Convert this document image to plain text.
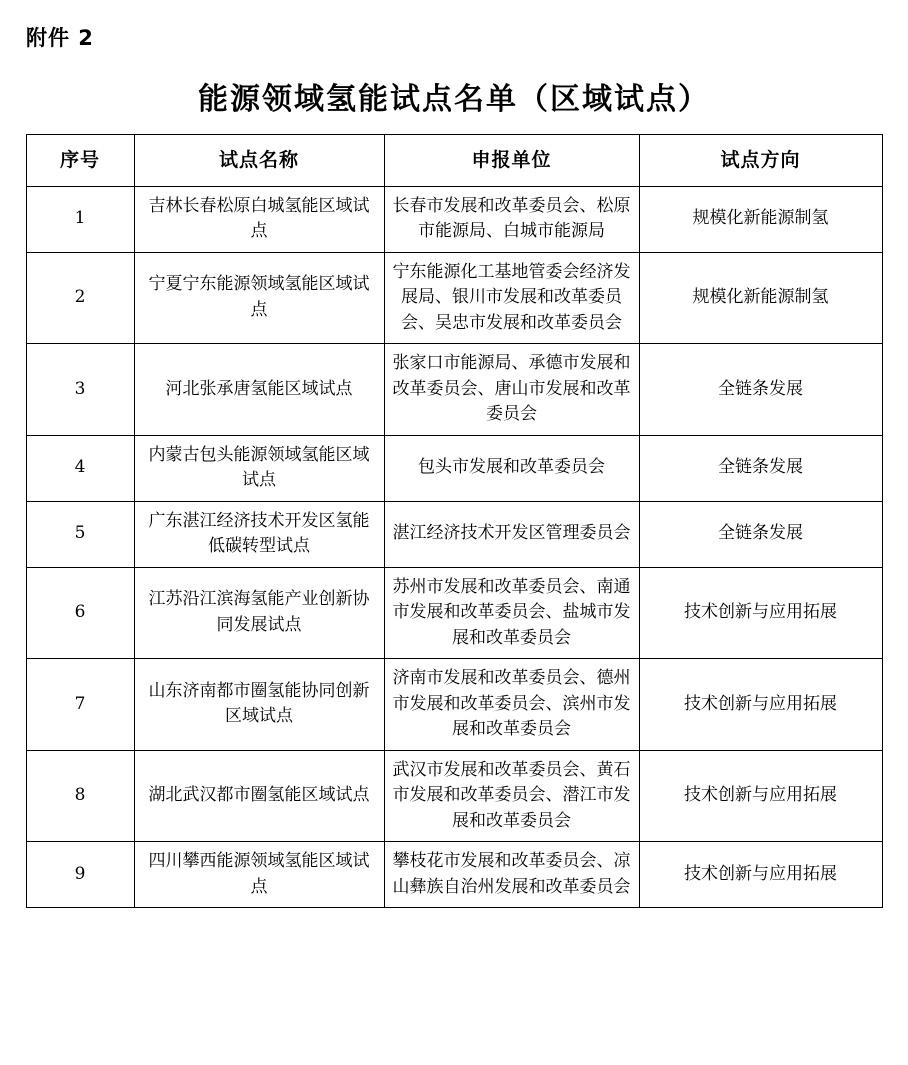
附件 2
能源领域氢能试点名单（区域试点）
序号	试点名称	申报单位	试点方向
1	吉林长春松原白城氢能区域试点	长春市发展和改革委员会、松原市能源局、白城市能源局	规模化新能源制氢
2	宁夏宁东能源领域氢能区域试点	宁东能源化工基地管委会经济发展局、银川市发展和改革委员会、吴忠市发展和改革委员会	规模化新能源制氢
3	河北张承唐氢能区域试点	张家口市能源局、承德市发展和改革委员会、唐山市发展和改革委员会	全链条发展
4	内蒙古包头能源领域氢能区域试点	包头市发展和改革委员会	全链条发展
5	广东湛江经济技术开发区氢能低碳转型试点	湛江经济技术开发区管理委员会	全链条发展
6	江苏沿江滨海氢能产业创新协同发展试点	苏州市发展和改革委员会、南通市发展和改革委员会、盐城市发展和改革委员会	技术创新与应用拓展
7	山东济南都市圈氢能协同创新区域试点	济南市发展和改革委员会、德州市发展和改革委员会、滨州市发展和改革委员会	技术创新与应用拓展
8	湖北武汉都市圈氢能区域试点	武汉市发展和改革委员会、黄石市发展和改革委员会、潜江市发展和改革委员会	技术创新与应用拓展
9	四川攀西能源领域氢能区域试点	攀枝花市发展和改革委员会、凉山彝族自治州发展和改革委员会	技术创新与应用拓展
